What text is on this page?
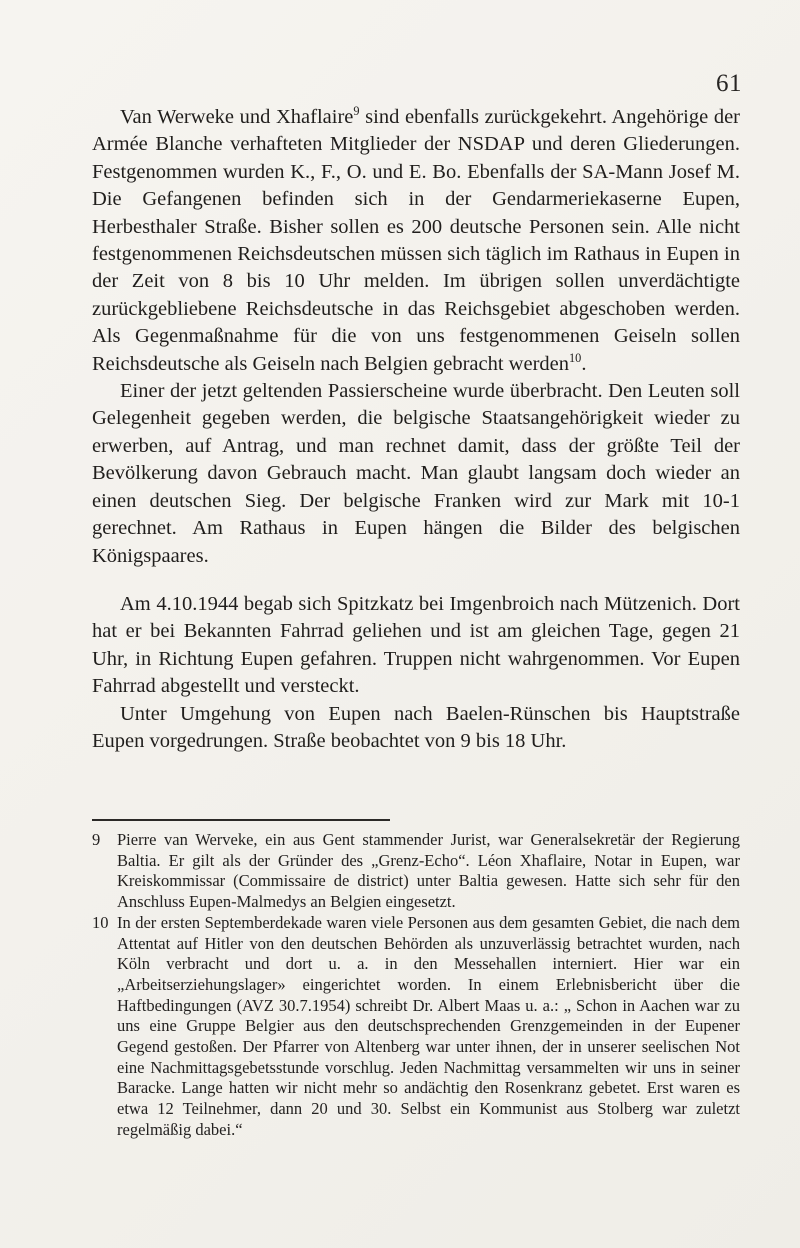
61

Van Werweke und Xhaflaire$^9$ sind ebenfalls zurückgekehrt. Angehörige der Armée Blanche verhafteten Mitglieder der NSDAP und deren Gliederungen. Festgenommen wurden K., F., O. und E. Bo. Ebenfalls der SA-Mann Josef M. Die Gefangenen befinden sich in der Gendarmeriekaserne Eupen, Herbesthaler Straße. Bisher sollen es 200 deutsche Personen sein. Alle nicht festgenommenen Reichsdeutschen müssen sich täglich im Rathaus in Eupen in der Zeit von 8 bis 10 Uhr melden. Im übrigen sollen unverdächtigte zurückgebliebene Reichsdeutsche in das Reichsgebiet abgeschoben werden. Als Gegenmaßnahme für die von uns festgenommenen Geiseln sollen Reichsdeutsche als Geiseln nach Belgien gebracht werden$^{10}$.

Einer der jetzt geltenden Passierscheine wurde überbracht. Den Leuten soll Gelegenheit gegeben werden, die belgische Staatsangehörigkeit wieder zu erwerben, auf Antrag, und man rechnet damit, dass der größte Teil der Bevölkerung davon Gebrauch macht. Man glaubt langsam doch wieder an einen deutschen Sieg. Der belgische Franken wird zur Mark mit 10-1 gerechnet. Am Rathaus in Eupen hängen die Bilder des belgischen Königspaares.

Am 4.10.1944 begab sich Spitzkatz bei Imgenbroich nach Mützenich. Dort hat er bei Bekannten Fahrrad geliehen und ist am gleichen Tage, gegen 21 Uhr, in Richtung Eupen gefahren. Truppen nicht wahrgenommen. Vor Eupen Fahrrad abgestellt und versteckt.

Unter Umgehung von Eupen nach Baelen-Rünschen bis Hauptstraße Eupen vorgedrungen. Straße beobachtet von 9 bis 18 Uhr.

9 Pierre van Werveke, ein aus Gent stammender Jurist, war Generalsekretär der Regierung Baltia. Er gilt als der Gründer des „Grenz-Echo“. Léon Xhaflaire, Notar in Eupen, war Kreiskommissar (Commissaire de district) unter Baltia gewesen. Hatte sich sehr für den Anschluss Eupen-Malmedys an Belgien eingesetzt.
10 In der ersten Septemberdekade waren viele Personen aus dem gesamten Gebiet, die nach dem Attentat auf Hitler von den deutschen Behörden als unzuverlässig betrachtet wurden, nach Köln verbracht und dort u. a. in den Messehallen interniert. Hier war ein „Arbeitserziehungslager» eingerichtet worden. In einem Erlebnisbericht über die Haftbedingungen (AVZ 30.7.1954) schreibt Dr. Albert Maas u. a.: „ Schon in Aachen war zu uns eine Gruppe Belgier aus den deutschsprechenden Grenzgemeinden in der Eupener Gegend gestoßen. Der Pfarrer von Altenberg war unter ihnen, der in unserer seelischen Not eine Nachmittagsgebetsstunde vorschlug. Jeden Nachmittag versammelten wir uns in seiner Baracke. Lange hatten wir nicht mehr so andächtig den Rosenkranz gebetet. Erst waren es etwa 12 Teilnehmer, dann 20 und 30. Selbst ein Kommunist aus Stolberg war zuletzt regelmäßig dabei.“
